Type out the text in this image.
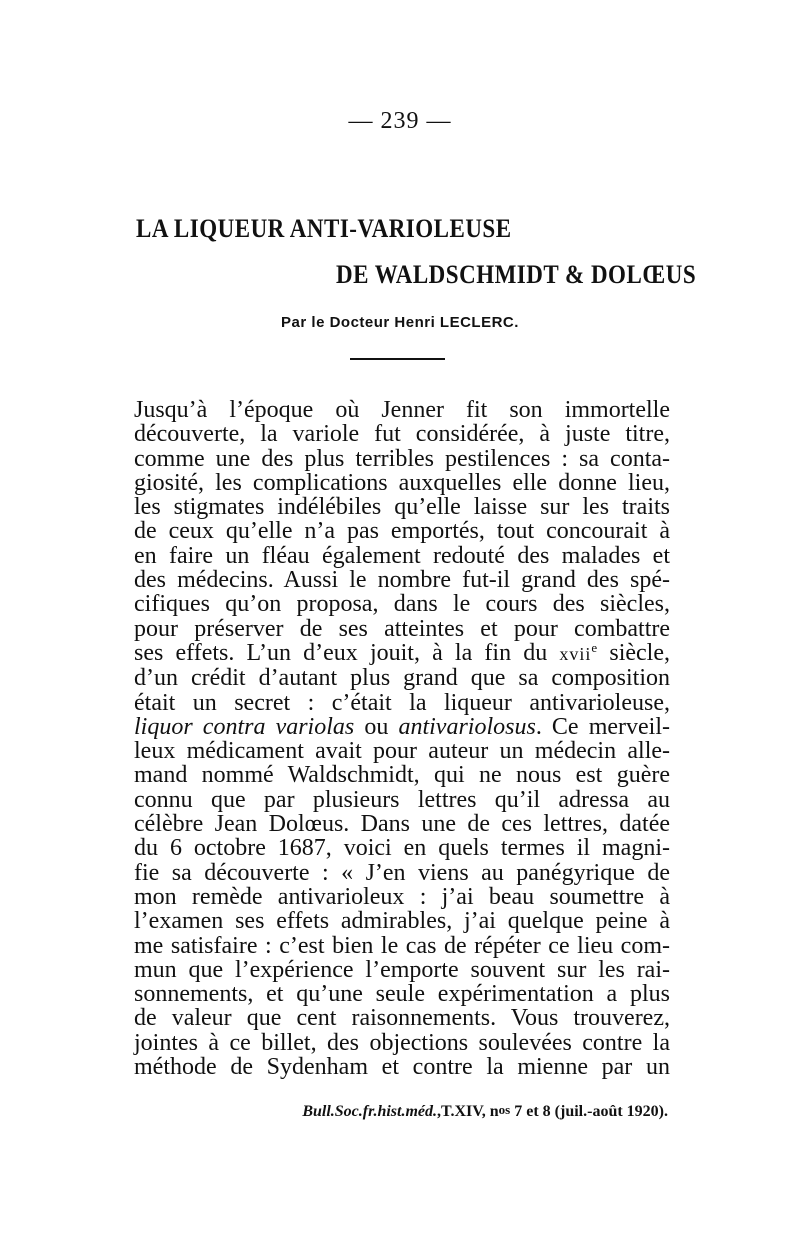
— 239 —
LA LIQUEUR ANTI-VARIOLEUSE
DE WALDSCHMIDT & DOLŒUS
Par le Docteur Henri LECLERC.
Jusqu’à l’époque où Jenner fit son immortelle
découverte, la variole fut considérée, à juste titre,
comme une des plus terribles pestilences : sa conta-
giosité, les complications auxquelles elle donne lieu,
les stigmates indélébiles qu’elle laisse sur les traits
de ceux qu’elle n’a pas emportés, tout concourait à
en faire un fléau également redouté des malades et
des médecins. Aussi le nombre fut-il grand des spé-
cifiques qu’on proposa, dans le cours des siècles,
pour préserver de ses atteintes et pour combattre
ses effets. L’un d’eux jouit, à la fin du xvii$^e$ siècle,
d’un crédit d’autant plus grand que sa composition
était un secret : c’était la liqueur antivarioleuse,
liquor contra variolas ou antivariolosus. Ce merveil-
leux médicament avait pour auteur un médecin alle-
mand nommé Waldschmidt, qui ne nous est guère
connu que par plusieurs lettres qu’il adressa au
célèbre Jean Dolœus. Dans une de ces lettres, datée
du 6 octobre 1687, voici en quels termes il magni-
fie sa découverte : « J’en viens au panégyrique de
mon remède antivarioleux : j’ai beau soumettre à
l’examen ses effets admirables, j’ai quelque peine à
me satisfaire : c’est bien le cas de répéter ce lieu com-
mun que l’expérience l’emporte souvent sur les rai-
sonnements, et qu’une seule expérimentation a plus
de valeur que cent raisonnements. Vous trouverez,
jointes à ce billet, des objections soulevées contre la
méthode de Sydenham et contre la mienne par un
Bull.Soc.fr.hist.méd.,T.XIV, $n^{os}$ 7 et 8 (juil.-août 1920).
